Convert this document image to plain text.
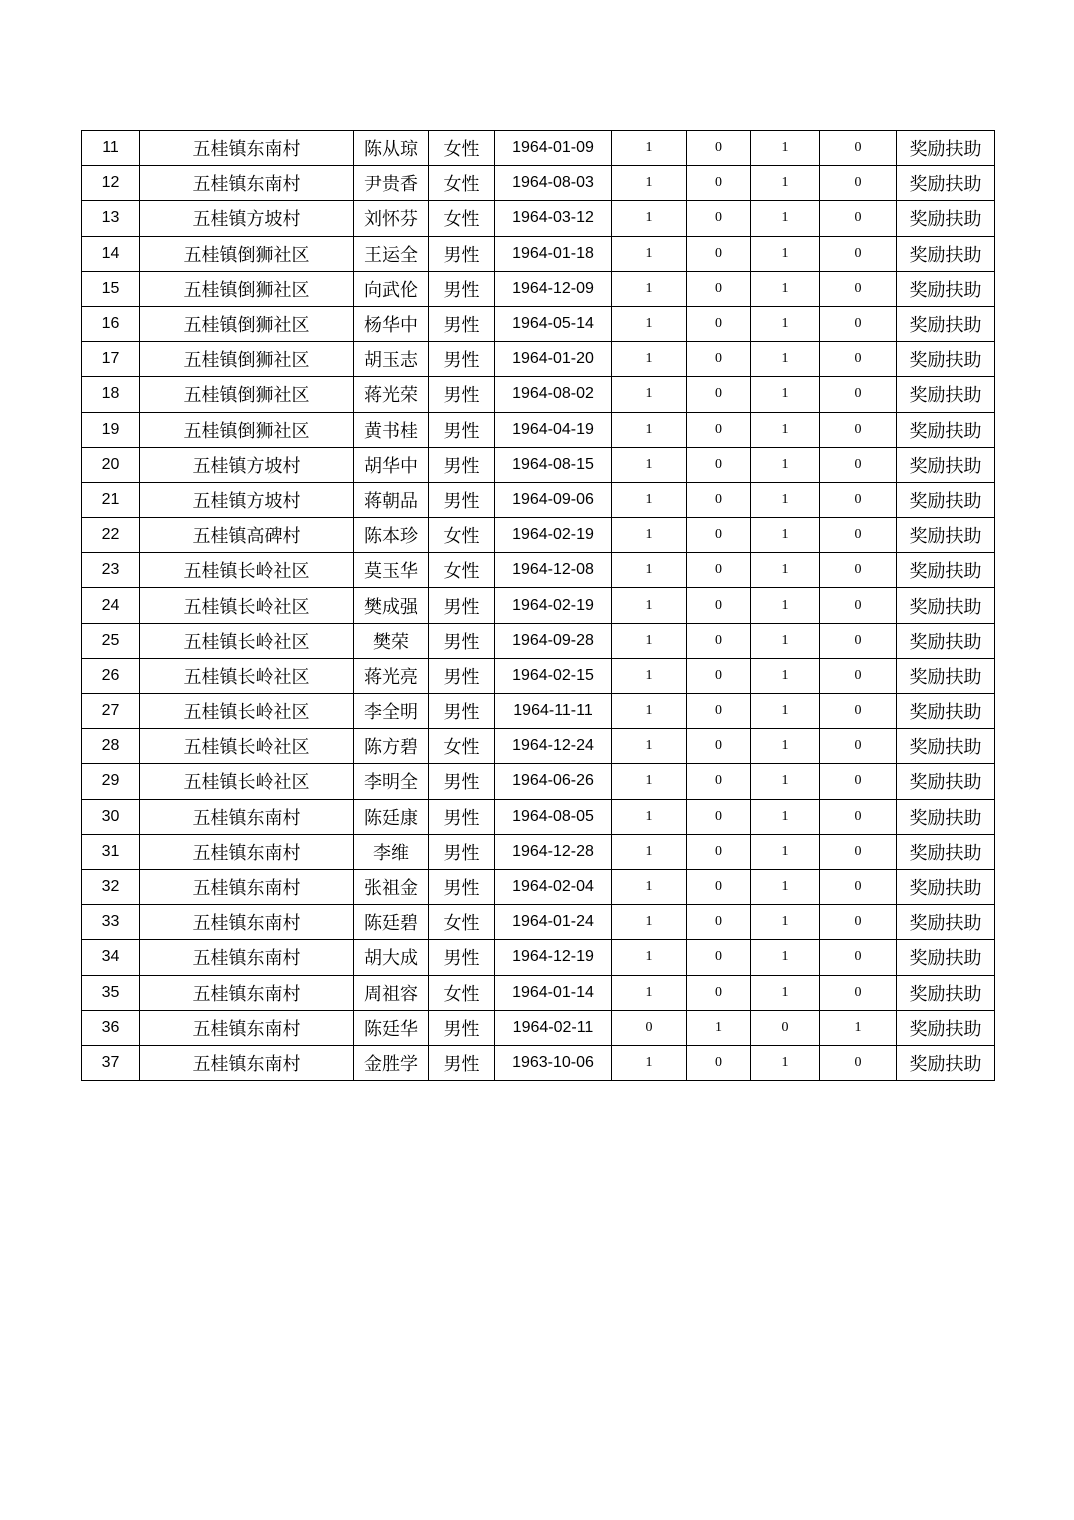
11	五桂镇东南村	陈从琼	女性	1964-01-09	1	0	1	0	奖励扶助
12	五桂镇东南村	尹贵香	女性	1964-08-03	1	0	1	0	奖励扶助
13	五桂镇方坡村	刘怀芬	女性	1964-03-12	1	0	1	0	奖励扶助
14	五桂镇倒狮社区	王运全	男性	1964-01-18	1	0	1	0	奖励扶助
15	五桂镇倒狮社区	向武伦	男性	1964-12-09	1	0	1	0	奖励扶助
16	五桂镇倒狮社区	杨华中	男性	1964-05-14	1	0	1	0	奖励扶助
17	五桂镇倒狮社区	胡玉志	男性	1964-01-20	1	0	1	0	奖励扶助
18	五桂镇倒狮社区	蒋光荣	男性	1964-08-02	1	0	1	0	奖励扶助
19	五桂镇倒狮社区	黄书桂	男性	1964-04-19	1	0	1	0	奖励扶助
20	五桂镇方坡村	胡华中	男性	1964-08-15	1	0	1	0	奖励扶助
21	五桂镇方坡村	蒋朝品	男性	1964-09-06	1	0	1	0	奖励扶助
22	五桂镇高碑村	陈本珍	女性	1964-02-19	1	0	1	0	奖励扶助
23	五桂镇长岭社区	莫玉华	女性	1964-12-08	1	0	1	0	奖励扶助
24	五桂镇长岭社区	樊成强	男性	1964-02-19	1	0	1	0	奖励扶助
25	五桂镇长岭社区	樊荣	男性	1964-09-28	1	0	1	0	奖励扶助
26	五桂镇长岭社区	蒋光亮	男性	1964-02-15	1	0	1	0	奖励扶助
27	五桂镇长岭社区	李全明	男性	1964-11-11	1	0	1	0	奖励扶助
28	五桂镇长岭社区	陈方碧	女性	1964-12-24	1	0	1	0	奖励扶助
29	五桂镇长岭社区	李明全	男性	1964-06-26	1	0	1	0	奖励扶助
30	五桂镇东南村	陈廷康	男性	1964-08-05	1	0	1	0	奖励扶助
31	五桂镇东南村	李维	男性	1964-12-28	1	0	1	0	奖励扶助
32	五桂镇东南村	张祖金	男性	1964-02-04	1	0	1	0	奖励扶助
33	五桂镇东南村	陈廷碧	女性	1964-01-24	1	0	1	0	奖励扶助
34	五桂镇东南村	胡大成	男性	1964-12-19	1	0	1	0	奖励扶助
35	五桂镇东南村	周祖容	女性	1964-01-14	1	0	1	0	奖励扶助
36	五桂镇东南村	陈廷华	男性	1964-02-11	0	1	0	1	奖励扶助
37	五桂镇东南村	金胜学	男性	1963-10-06	1	0	1	0	奖励扶助
